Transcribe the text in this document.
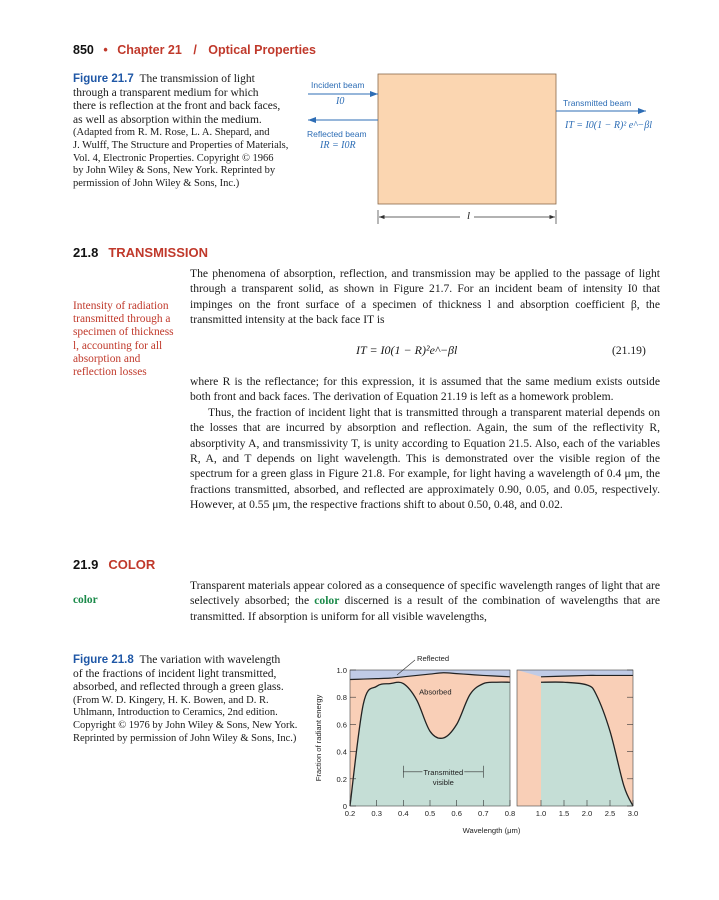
850 • Chapter 21 / Optical Properties
Figure 21.7 The transmission of light
through a transparent medium for which
there is reflection at the front and back faces,
as well as absorption within the medium.
(Adapted from R. M. Rose, L. A. Shepard, and
J. Wulff, The Structure and Properties of Materials,
Vol. 4, Electronic Properties. Copyright © 1966
by John Wiley & Sons, New York. Reprinted by
permission of John Wiley & Sons, Inc.)
Incident beam
I0
Reflected beam
IR = I0R
Transmitted beam
IT = I0(1 − R)² e^−βl
l
21.8 TRANSMISSION
Intensity of radiation transmitted through a specimen of thickness l, accounting for all absorption and reflection losses

The phenomena of absorption, reflection, and transmission may be applied to the passage of light through a transparent solid, as shown in Figure 21.7. For an incident beam of intensity I0 that impinges on the front surface of a specimen of thickness l and absorption coefficient β, the transmitted intensity at the back face IT is

IT = I0(1 − R)²e^−βl	(21.19)

where R is the reflectance; for this expression, it is assumed that the same medium exists outside both front and back faces. The derivation of Equation 21.19 is left as a homework problem.

Thus, the fraction of incident light that is transmitted through a transparent material depends on the losses that are incurred by absorption and reflection. Again, the sum of the reflectivity R, absorptivity A, and transmissivity T, is unity according to Equation 21.5. Also, each of the variables R, A, and T depends on light wavelength. This is demonstrated over the visible region of the spectrum for a green glass in Figure 21.8. For example, for light having a wavelength of 0.4 μm, the fractions transmitted, absorbed, and reflected are approximately 0.90, 0.05, and 0.05, respectively. However, at 0.55 μm, the respective fractions shift to about 0.50, 0.48, and 0.02.

21.9 COLOR
color

Transparent materials appear colored as a consequence of specific wavelength ranges of light that are selectively absorbed; the color discerned is a result of the combination of wavelengths that are transmitted. If absorption is uniform for all visible wavelengths,

Figure 21.8 The variation with wavelength
of the fractions of incident light transmitted,
absorbed, and reflected through a green glass.
(From W. D. Kingery, H. K. Bowen, and D. R.
Uhlmann, Introduction to Ceramics, 2nd edition.
Copyright © 1976 by John Wiley & Sons, New York.
Reprinted by permission of John Wiley & Sons, Inc.)
0
0.2
0.4
0.6
0.8
1.0
0.2 0.3 0.4 0.5 0.6 0.7 0.8	1.0 1.5 2.0 2.5 3.0
Fraction of radiant energy
Wavelength (μm)
Reflected
Absorbed
Transmitted
visible
